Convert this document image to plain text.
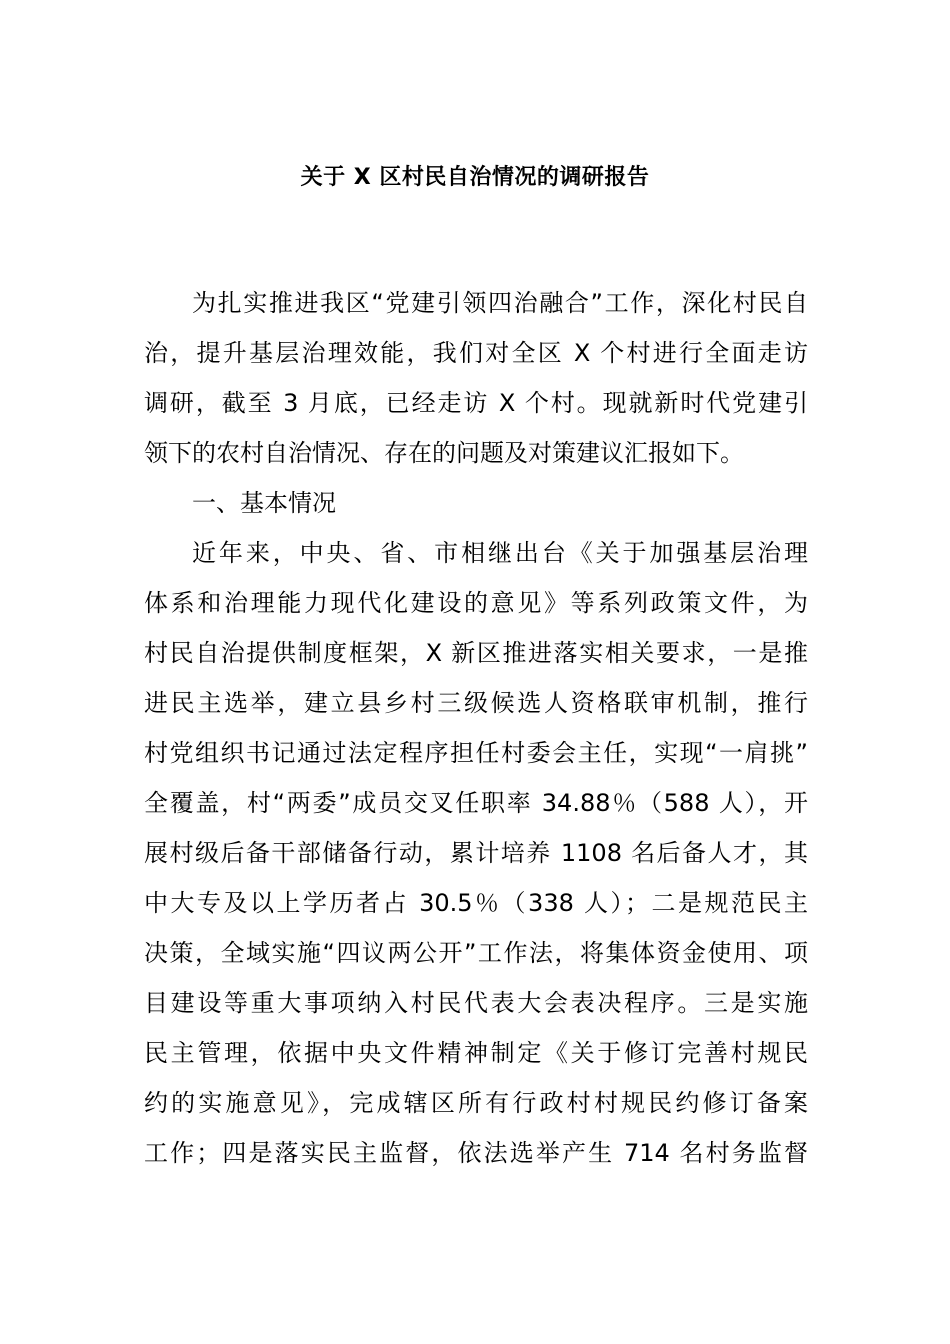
关于 X 区村民自治情况的调研报告
为扎实推进我区“党建引领四治融合”工作，深化村民自
治，提升基层治理效能，我们对全区 X 个村进行全面走访
调研，截至 3 月底，已经走访 X 个村。现就新时代党建引
领下的农村自治情况、存在的问题及对策建议汇报如下。
一、基本情况
近年来，中央、省、市相继出台《关于加强基层治理
体系和治理能力现代化建设的意见》等系列政策文件，为
村民自治提供制度框架，X 新区推进落实相关要求，一是推
进民主选举，建立县乡村三级候选人资格联审机制，推行
村党组织书记通过法定程序担任村委会主任，实现“一肩挑”
全覆盖，村“两委”成员交叉任职率 34.88％（588 人），开
展村级后备干部储备行动，累计培养 1108 名后备人才，其
中大专及以上学历者占 30.5％（338 人）；二是规范民主
决策，全域实施“四议两公开”工作法，将集体资金使用、项
目建设等重大事项纳入村民代表大会表决程序。三是实施
民主管理，依据中央文件精神制定《关于修订完善村规民
约的实施意见》，完成辖区所有行政村村规民约修订备案
工作；四是落实民主监督，依法选举产生 714 名村务监督
